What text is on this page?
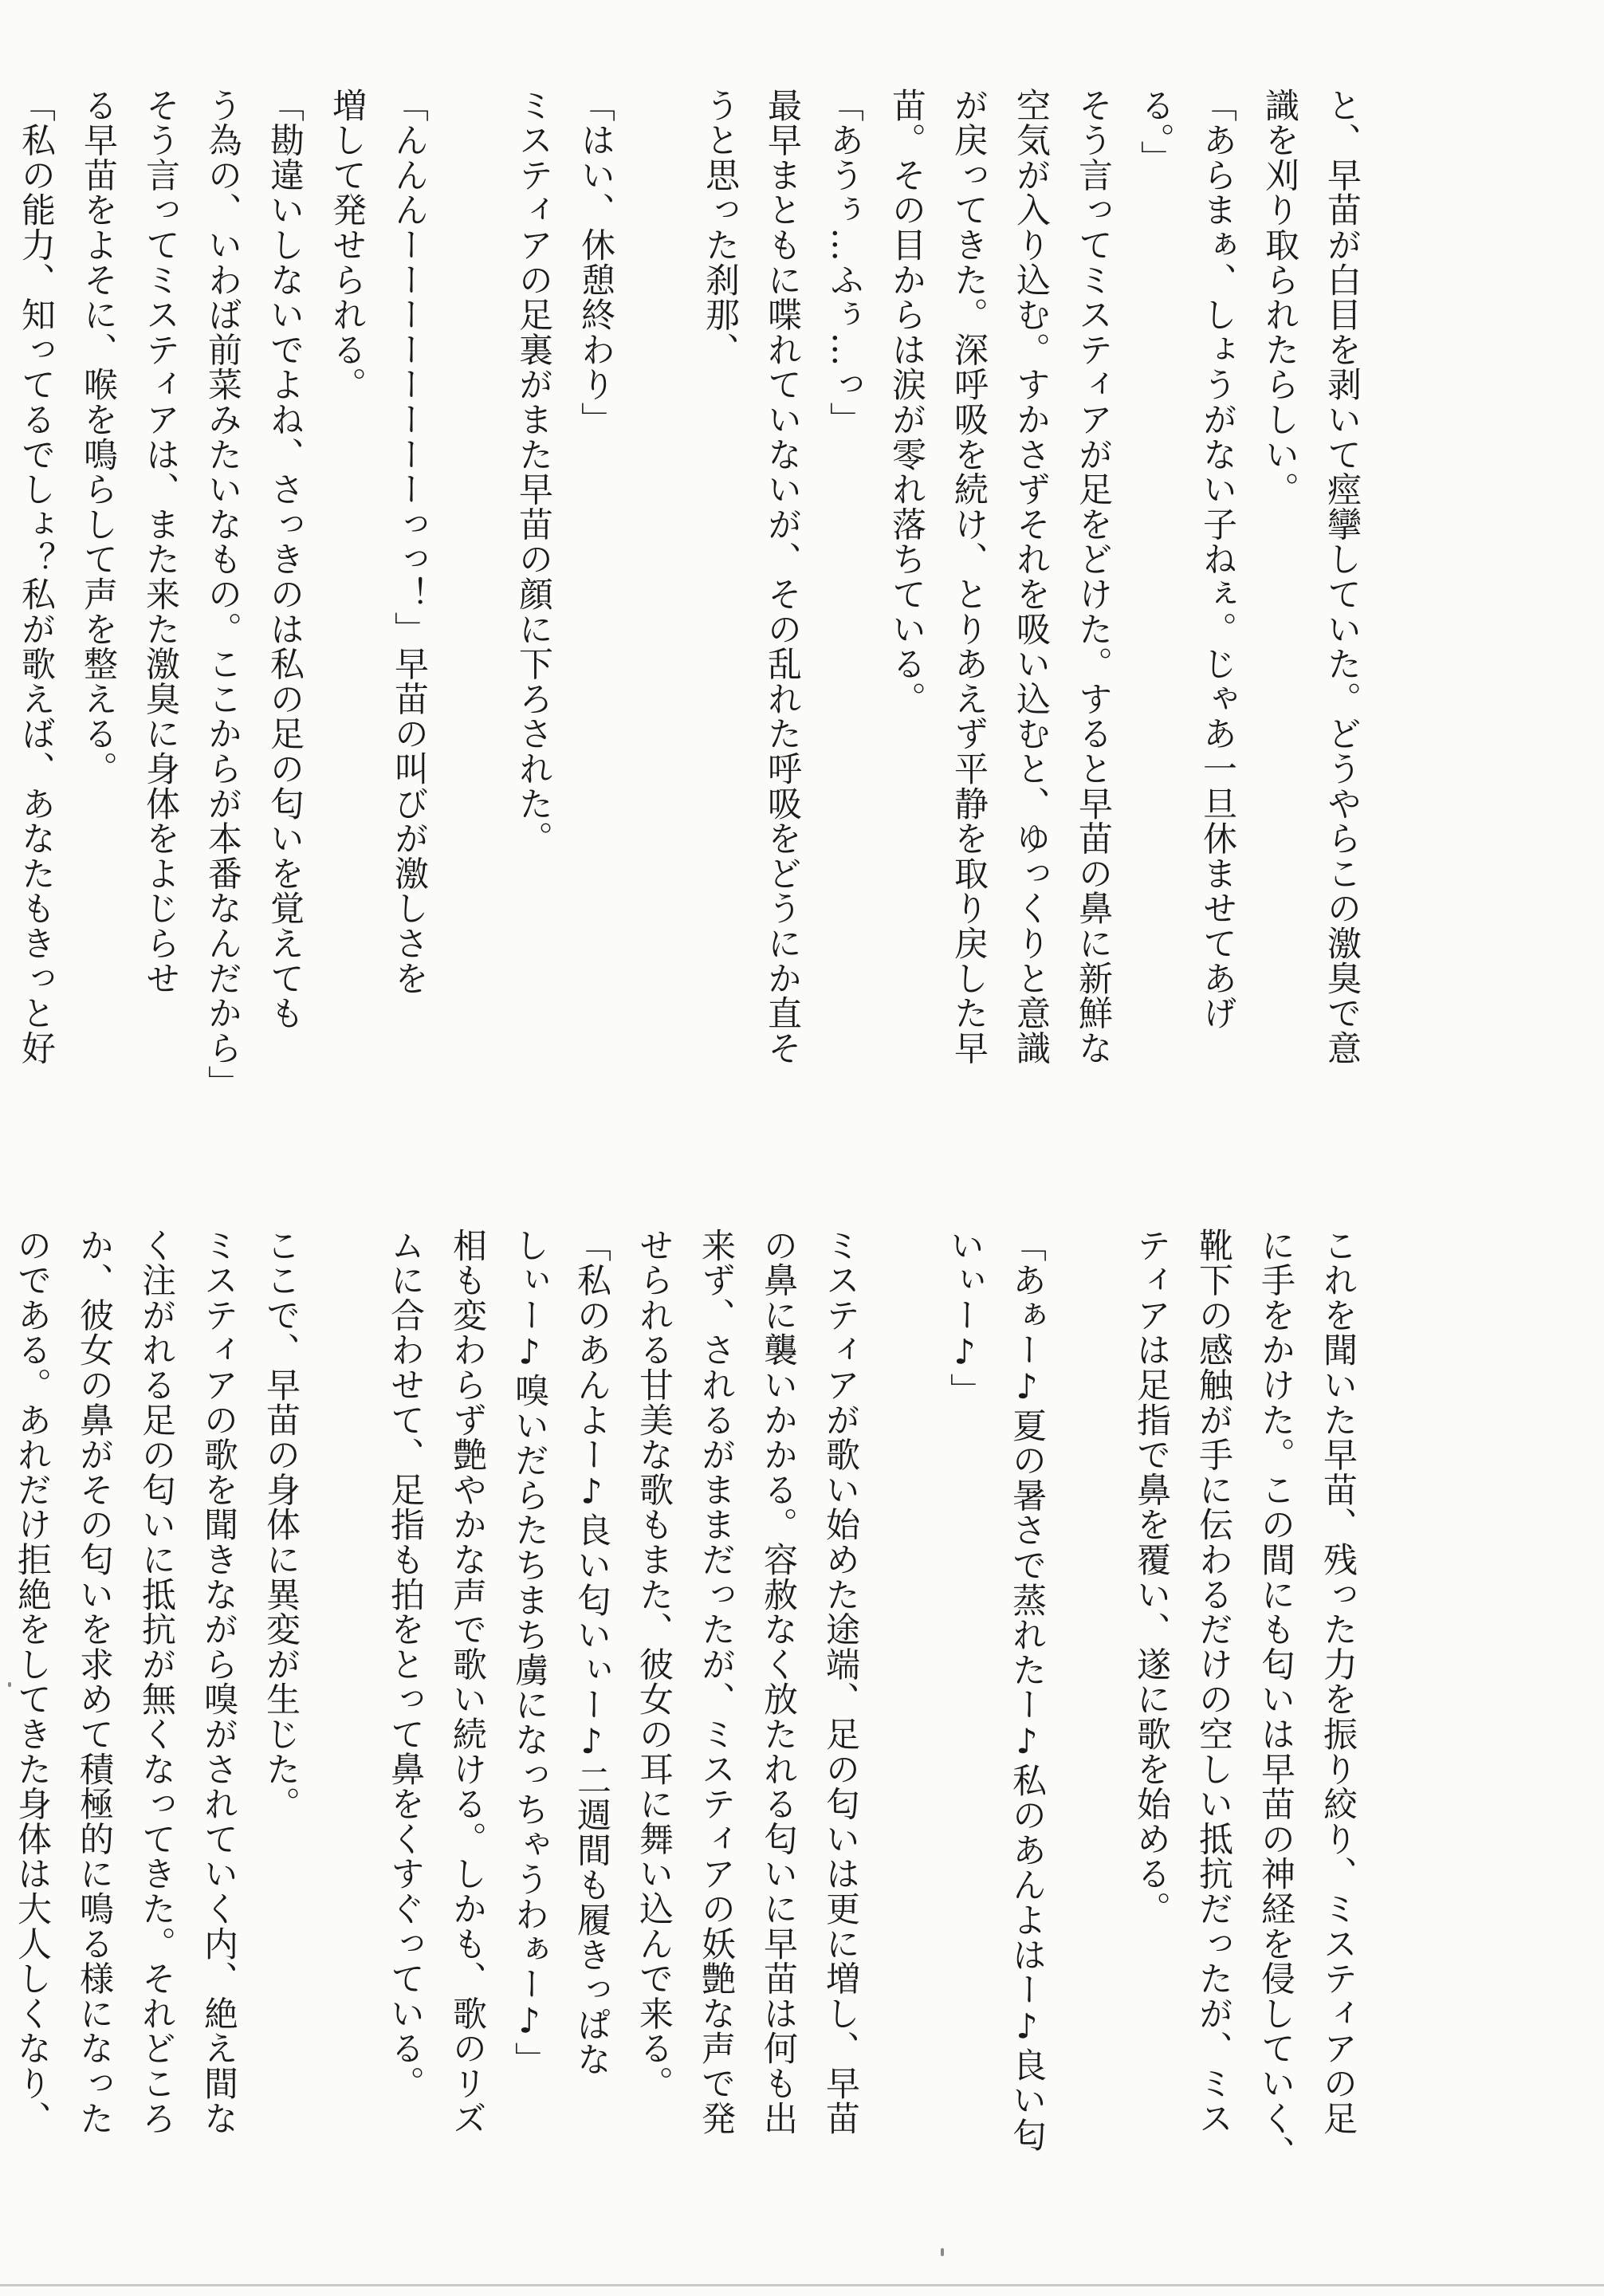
と、早苗が白目を剥いて痙攣していた。どうやらこの激臭で意
識を刈り取られたらしい。
「あらまぁ、しょうがない子ねぇ。じゃあ一旦休ませてあげ
る。」
そう言ってミスティアが足をどけた。すると早苗の鼻に新鮮な
空気が入り込む。すかさずそれを吸い込むと、ゆっくりと意識
が戻ってきた。深呼吸を続け、とりあえず平静を取り戻した早
苗。その目からは涙が零れ落ちている。
「あうぅ…ふぅ…っ」
最早まともに喋れていないが、その乱れた呼吸をどうにか直そ
うと思った刹那、
「はい、休憩終わり」
ミスティアの足裏がまた早苗の顔に下ろされた。
「んんんーーーーーーーーっっ！」早苗の叫びが激しさを
増して発せられる。
「勘違いしないでよね、さっきのは私の足の匂いを覚えても
う為の、いわば前菜みたいなもの。ここからが本番なんだから」
そう言ってミスティアは、また来た激臭に身体をよじらせ
る早苗をよそに、喉を鳴らして声を整える。
「私の能力、知ってるでしょ？私が歌えば、あなたもきっと好
これを聞いた早苗、残った力を振り絞り、ミスティアの足
に手をかけた。この間にも匂いは早苗の神経を侵していく、
靴下の感触が手に伝わるだけの空しい抵抗だったが、ミス
ティアは足指で鼻を覆い、遂に歌を始める。
「あぁー♪夏の暑さで蒸れたー♪私のあんよはー♪良い匂
いぃー♪」
ミスティアが歌い始めた途端、足の匂いは更に増し、早苗
の鼻に襲いかかる。容赦なく放たれる匂いに早苗は何も出
来ず、されるがままだったが、ミスティアの妖艶な声で発
せられる甘美な歌もまた、彼女の耳に舞い込んで来る。
「私のあんよー♪良い匂いぃー♪二週間も履きっぱな
しぃー♪嗅いだらたちまち虜になっちゃうわぁー♪」
相も変わらず艶やかな声で歌い続ける。しかも、歌のリズ
ムに合わせて、足指も拍をとって鼻をくすぐっている。
ここで、早苗の身体に異変が生じた。
ミスティアの歌を聞きながら嗅がされていく内、絶え間な
く注がれる足の匂いに抵抗が無くなってきた。それどころ
か、彼女の鼻がその匂いを求めて積極的に鳴る様になった
のである。あれだけ拒絶をしてきた身体は大人しくなり、
